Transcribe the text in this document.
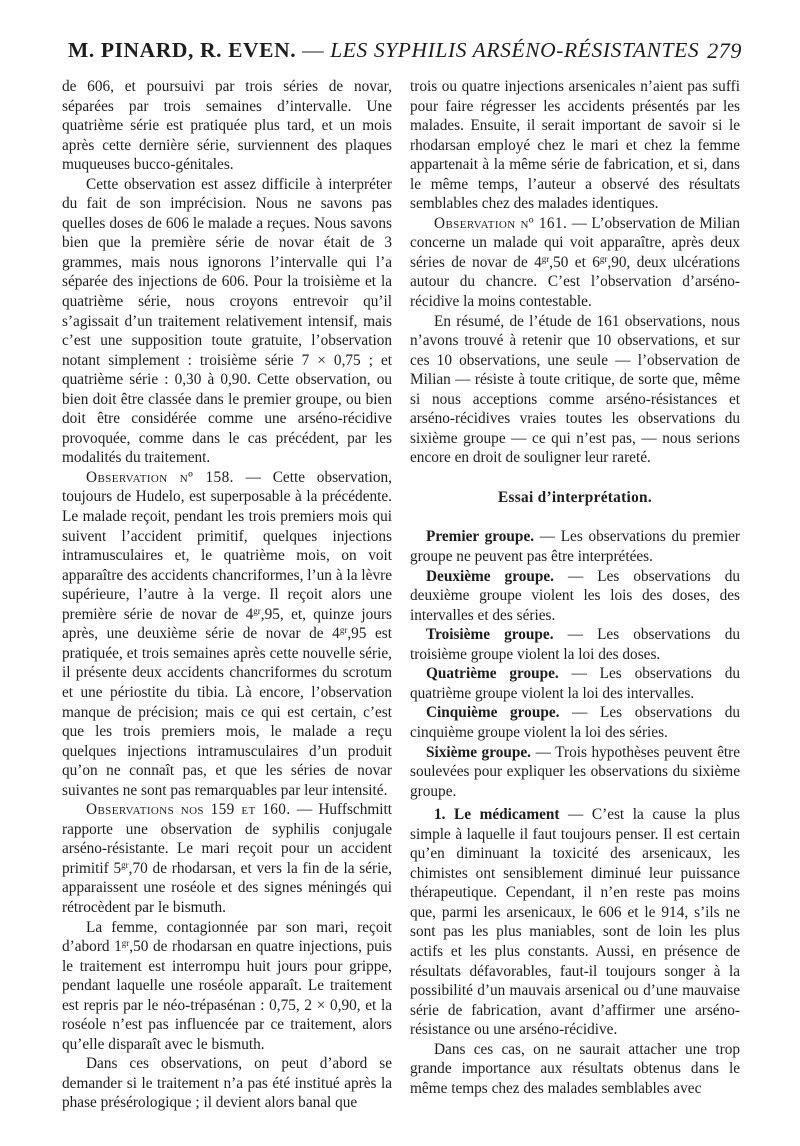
M. PINARD, R. EVEN. — LES SYPHILIS ARSÉNO-RÉSISTANTES 279

de 606, et poursuivi par trois séries de novar, séparées par trois semaines d’intervalle. Une quatrième série est pratiquée plus tard, et un mois après cette dernière série, surviennent des plaques muqueuses bucco-génitales.

Cette observation est assez difficile à interpréter du fait de son imprécision. Nous ne savons pas quelles doses de 606 le malade a reçues. Nous savons bien que la première série de novar était de 3 grammes, mais nous ignorons l’intervalle qui l’a séparée des injections de 606. Pour la troisième et la quatrième série, nous croyons entrevoir qu’il s’agissait d’un traitement relativement intensif, mais c’est une supposition toute gratuite, l’observation notant simplement : troisième série 7 × 0,75 ; et quatrième série : 0,30 à 0,90. Cette observation, ou bien doit être classée dans le premier groupe, ou bien doit être considérée comme une arséno-récidive provoquée, comme dans le cas précédent, par les modalités du traitement.

Observation nº 158. — Cette observation, toujours de Hudelo, est superposable à la précédente. Le malade reçoit, pendant les trois premiers mois qui suivent l’accident primitif, quelques injections intramusculaires et, le quatrième mois, on voit apparaître des accidents chancriformes, l’un à la lèvre supérieure, l’autre à la verge. Il reçoit alors une première série de novar de $4^{gr},95$, et, quinze jours après, une deuxième série de novar de $4^{gr},95$ est pratiquée, et trois semaines après cette nouvelle série, il présente deux accidents chancriformes du scrotum et une périostite du tibia. Là encore, l’observation manque de précision; mais ce qui est certain, c’est que les trois premiers mois, le malade a reçu quelques injections intramusculaires d’un produit qu’on ne connaît pas, et que les séries de novar suivantes ne sont pas remarquables par leur intensité.

Observations nos 159 et 160. — Huffschmitt rapporte une observation de syphilis conjugale arséno-résistante. Le mari reçoit pour un accident primitif $5^{gr},70$ de rhodarsan, et vers la fin de la série, apparaissent une roséole et des signes méningés qui rétrocèdent par le bismuth.

La femme, contagionnée par son mari, reçoit d’abord $1^{gr},50$ de rhodarsan en quatre injections, puis le traitement est interrompu huit jours pour grippe, pendant laquelle une roséole apparaît. Le traitement est repris par le néo-trépasénan : 0,75, 2 × 0,90, et la roséole n’est pas influencée par ce traitement, alors qu’elle disparaît avec le bismuth.

Dans ces observations, on peut d’abord se demander si le traitement n’a pas été institué après la phase présérologique ; il devient alors banal que

trois ou quatre injections arsenicales n’aient pas suffi pour faire régresser les accidents présentés par les malades. Ensuite, il serait important de savoir si le rhodarsan employé chez le mari et chez la femme appartenait à la même série de fabrication, et si, dans le même temps, l’auteur a observé des résultats semblables chez des malades identiques.

Observation nº 161. — L’observation de Milian concerne un malade qui voit apparaître, après deux séries de novar de $4^{gr},50$ et $6^{gr},90$, deux ulcérations autour du chancre. C’est l’observation d’arséno-récidive la moins contestable.

En résumé, de l’étude de 161 observations, nous n’avons trouvé à retenir que 10 observations, et sur ces 10 observations, une seule — l’observation de Milian — résiste à toute critique, de sorte que, même si nous acceptions comme arséno-résistances et arséno-récidives vraies toutes les observations du sixième groupe — ce qui n’est pas, — nous serions encore en droit de souligner leur rareté.

Essai d’interprétation.

Premier groupe. — Les observations du premier groupe ne peuvent pas être interprétées.

Deuxième groupe. — Les observations du deuxième groupe violent les lois des doses, des intervalles et des séries.

Troisième groupe. — Les observations du troisième groupe violent la loi des doses.

Quatrième groupe. — Les observations du quatrième groupe violent la loi des intervalles.

Cinquième groupe. — Les observations du cinquième groupe violent la loi des séries.

Sixième groupe. — Trois hypothèses peuvent être soulevées pour expliquer les observations du sixième groupe.

1. Le médicament — C’est la cause la plus simple à laquelle il faut toujours penser. Il est certain qu’en diminuant la toxicité des arsenicaux, les chimistes ont sensiblement diminué leur puissance thérapeutique. Cependant, il n’en reste pas moins que, parmi les arsenicaux, le 606 et le 914, s’ils ne sont pas les plus maniables, sont de loin les plus actifs et les plus constants. Aussi, en présence de résultats défavorables, faut-il toujours songer à la possibilité d’un mauvais arsenical ou d’une mauvaise série de fabrication, avant d’affirmer une arséno-résistance ou une arséno-récidive.

Dans ces cas, on ne saurait attacher une trop grande importance aux résultats obtenus dans le même temps chez des malades semblables avec
